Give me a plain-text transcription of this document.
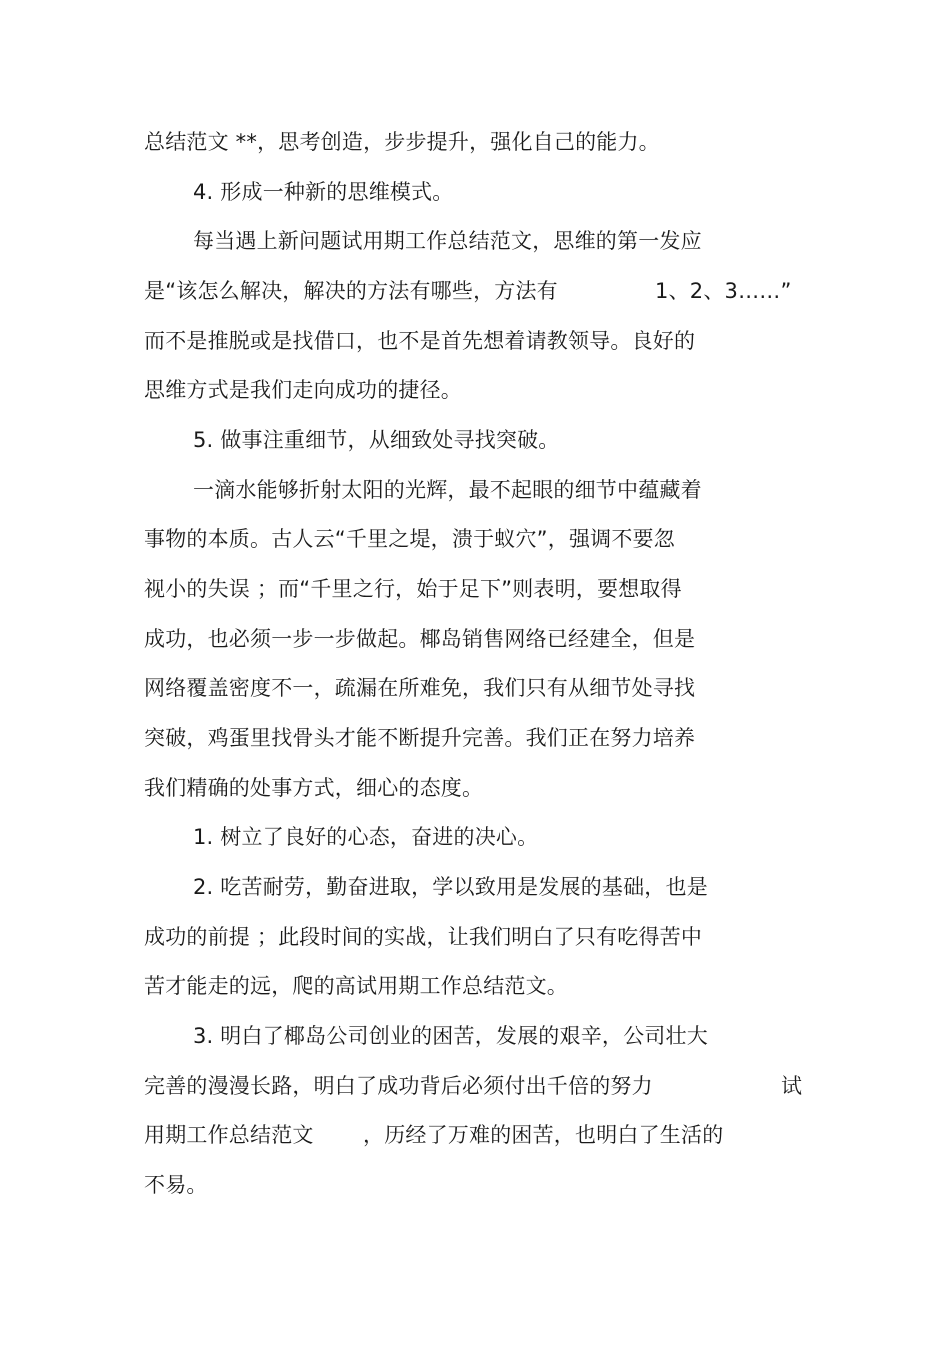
总结范文 **，思考创造，步步提升，强化自己的能力。
4. 形成一种新的思维模式。
每当遇上新问题试用期工作总结范文，思维的第一发应
是“该怎么解决，解决的方法有哪些，方法有	1、2、3……”
而不是推脱或是找借口，也不是首先想着请教领导。良好的
思维方式是我们走向成功的捷径。
5. 做事注重细节，从细致处寻找突破。
一滴水能够折射太阳的光辉，最不起眼的细节中蕴藏着
事物的本质。古人云“千里之堤，溃于蚁穴”，强调不要忽
视小的失误 ；而“千里之行，始于足下”则表明，要想取得
成功，也必须一步一步做起。椰岛销售网络已经建全，但是
网络覆盖密度不一，疏漏在所难免，我们只有从细节处寻找
突破，鸡蛋里找骨头才能不断提升完善。我们正在努力培养
我们精确的处事方式，细心的态度。
1. 树立了良好的心态，奋进的决心。
2. 吃苦耐劳，勤奋进取，学以致用是发展的基础，也是
成功的前提 ；此段时间的实战，让我们明白了只有吃得苦中
苦才能走的远，爬的高试用期工作总结范文。
3. 明白了椰岛公司创业的困苦，发展的艰辛，公司壮大
完善的漫漫长路，明白了成功背后必须付出千倍的努力	试
用期工作总结范文 ，历经了万难的困苦，也明白了生活的
不易。
